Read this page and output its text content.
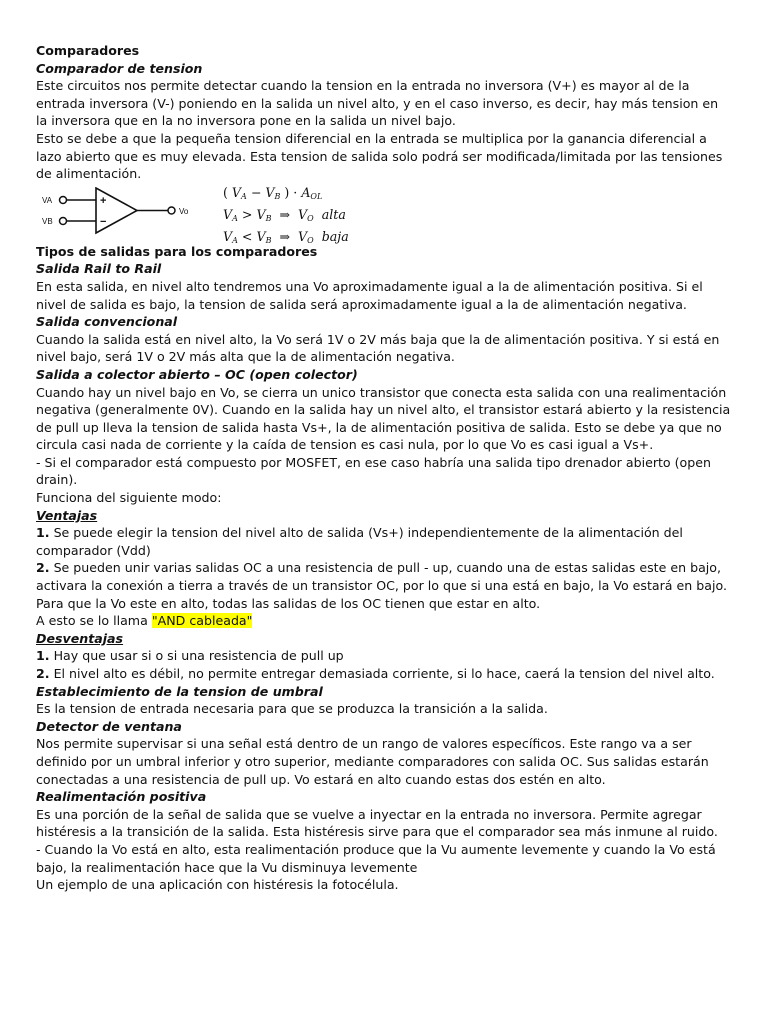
Comparadores

Comparador de tension

Este circuitos nos permite detectar cuando la tension en la entrada no inversora (V+) es mayor al de la entrada inversora (V-) poniendo en la salida un nivel alto, y en el caso inverso, es decir, hay más tension en la inversora que en la no inversora pone en la salida un nivel bajo.

Esto se debe a que la pequeña tension diferencial en la entrada se multiplica por la ganancia diferencial a lazo abierto que es muy elevada. Esta tension de salida solo podrá ser modificada/limitada por las tensiones de alimentación.

VA
VB
+
−
Vo
( $V_A - V_B$ ) · $A_{OL}$
$V_A > V_B$  ⇒  $V_O$ alta
$V_A < V_B$  ⇒  $V_O$ baja

Tipos de salidas para los comparadores

Salida Rail to Rail

En esta salida, en nivel alto tendremos una Vo aproximadamente igual a la de alimentación positiva. Si el nivel de salida es bajo, la tension de salida será aproximadamente igual a la de alimentación negativa.

Salida convencional

Cuando la salida está en nivel alto, la Vo será 1V o 2V más baja que la de alimentación positiva. Y si está en nivel bajo, será 1V o 2V más alta que la de alimentación negativa.

Salida a colector abierto – OC (open colector)

Cuando hay un nivel bajo en Vo, se cierra un unico transistor que conecta esta salida con una realimentación negativa (generalmente 0V). Cuando en la salida hay un nivel alto, el transistor estará abierto y la resistencia de pull up lleva la tension de salida hasta Vs+, la de alimentación positiva de salida. Esto se debe ya que no circula casi nada de corriente y la caída de tension es casi nula, por lo que Vo es casi igual a Vs+.

- Si el comparador está compuesto por MOSFET, en ese caso habría una salida tipo drenador abierto (open drain).

Funciona del siguiente modo:

Ventajas

1. Se puede elegir la tension del nivel alto de salida (Vs+) independientemente de la alimentación del comparador (Vdd)

2. Se pueden unir varias salidas OC a una resistencia de pull - up, cuando una de estas salidas este en bajo, activara la conexión a tierra a través de un transistor OC, por lo que si una está en bajo, la Vo estará en bajo.

Para que la Vo este en alto, todas las salidas de los OC tienen que estar en alto.

A esto se lo llama "AND cableada"

Desventajas

1. Hay que usar si o si una resistencia de pull up

2. El nivel alto es débil, no permite entregar demasiada corriente, si lo hace, caerá la tension del nivel alto.

Establecimiento de la tension de umbral

Es la tension de entrada necesaria para que se produzca la transición a la salida.

Detector de ventana

Nos permite supervisar si una señal está dentro de un rango de valores específicos. Este rango va a ser definido por un umbral inferior y otro superior, mediante comparadores con salida OC. Sus salidas estarán conectadas a una resistencia de pull up. Vo estará en alto cuando estas dos estén en alto.

Realimentación positiva

Es una porción de la señal de salida que se vuelve a inyectar en la entrada no inversora. Permite agregar histéresis a la transición de la salida. Esta histéresis sirve para que el comparador sea más inmune al ruido.

- Cuando la Vo está en alto, esta realimentación produce que la Vu aumente levemente y cuando la Vo está bajo, la realimentación hace que la Vu disminuya levemente

Un ejemplo de una aplicación con histéresis la fotocélula.
